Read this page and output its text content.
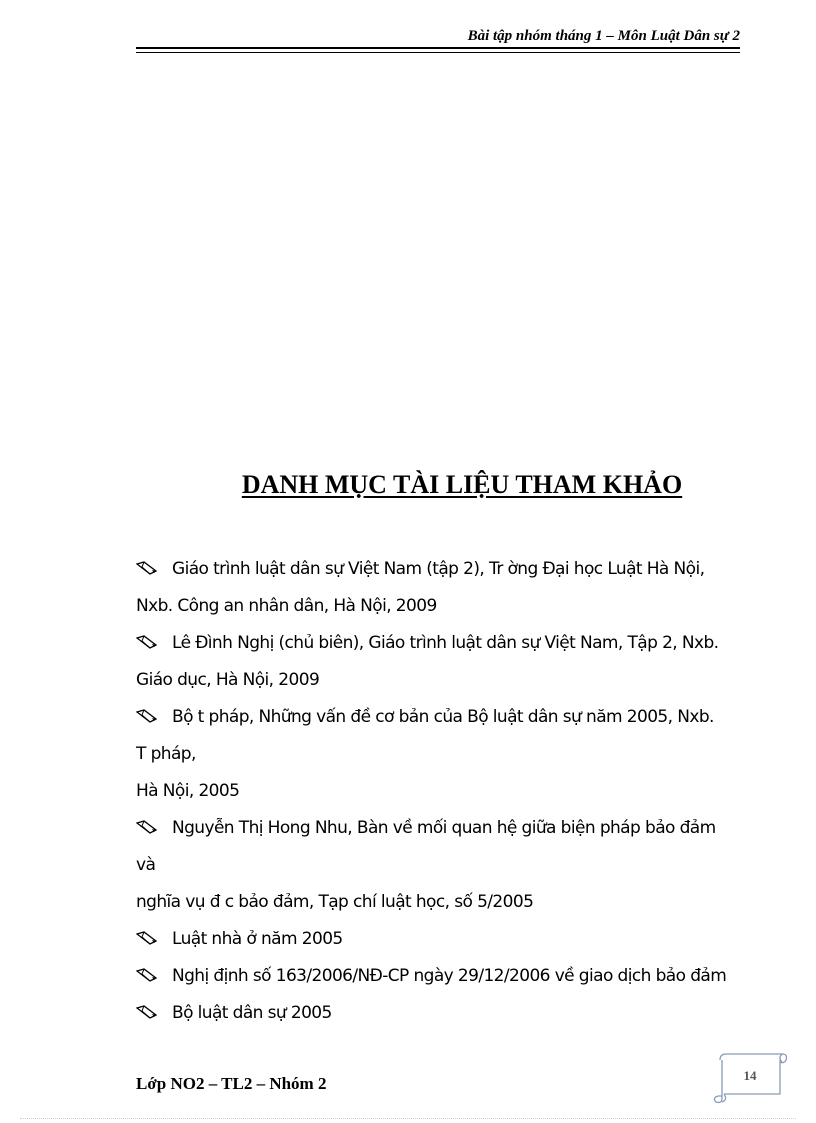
Bài tập nhóm tháng 1 – Môn Luật Dân sự 2
DANH MỤC TÀI LIỆU THAM KHẢO
Giáo trình luật dân sự Việt Nam (tập 2), Tr ờng Đại học Luật Hà Nội,
Nxb. Công an nhân dân, Hà Nội, 2009
Lê Đình Nghị (chủ biên), Giáo trình luật dân sự Việt Nam, Tập 2, Nxb.
Giáo dục, Hà Nội, 2009
Bộ t pháp, Những vấn đề cơ bản của Bộ luật dân sự năm 2005, Nxb. T pháp,
Hà Nội, 2005
Nguyễn Thị Hong Nhu, Bàn về mối quan hệ giữa biện pháp bảo đảm và
nghĩa vụ đ c bảo đảm, Tạp chí luật học, số 5/2005
Luật nhà ở năm 2005
Nghị định số 163/2006/NĐ-CP ngày 29/12/2006 về giao dịch bảo đảm
Bộ luật dân sự 2005
Lớp NO2 – TL2 – Nhóm 2	14
